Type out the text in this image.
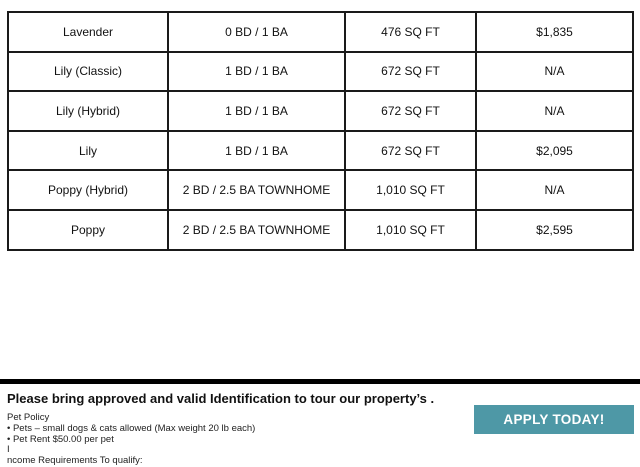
Lavender	0 BD / 1 BA	476 SQ FT	$1,835
Lily (Classic)	1 BD / 1 BA	672 SQ FT	N/A
Lily (Hybrid)	1 BD / 1 BA	672 SQ FT	N/A
Lily	1 BD / 1 BA	672 SQ FT	$2,095
Poppy (Hybrid)	2 BD / 2.5 BA TOWNHOME	1,010 SQ FT	N/A
Poppy	2 BD / 2.5 BA TOWNHOME	1,010 SQ FT	$2,595
Please bring approved and valid Identification to tour our property’s .
Pet Policy
• Pets – small dogs & cats allowed (Max weight 20 lb each)
• Pet Rent $50.00 per pet
I
ncome Requirements To qualify:
APPLY TODAY!
